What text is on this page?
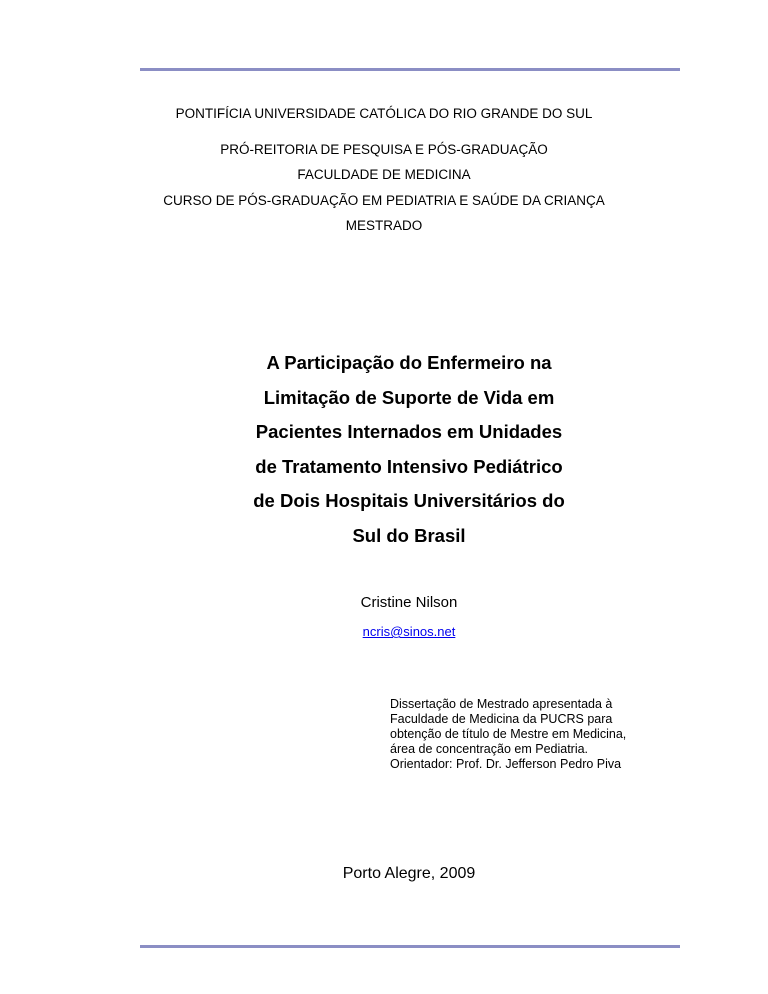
PONTIFÍCIA UNIVERSIDADE CATÓLICA DO RIO GRANDE DO SUL
PRÓ-REITORIA DE PESQUISA E PÓS-GRADUAÇÃO
FACULDADE DE MEDICINA
CURSO DE PÓS-GRADUAÇÃO EM PEDIATRIA E SAÚDE DA CRIANÇA
MESTRADO
A Participação do Enfermeiro na
Limitação de Suporte de Vida em
Pacientes Internados em Unidades
de Tratamento Intensivo Pediátrico
de Dois Hospitais Universitários do
Sul do Brasil
Cristine Nilson
ncris@sinos.net
Dissertação de Mestrado apresentada à
Faculdade de Medicina da PUCRS para
obtenção de título de Mestre em Medicina,
área de concentração em Pediatria.
Orientador: Prof. Dr. Jefferson Pedro Piva
Porto Alegre, 2009
